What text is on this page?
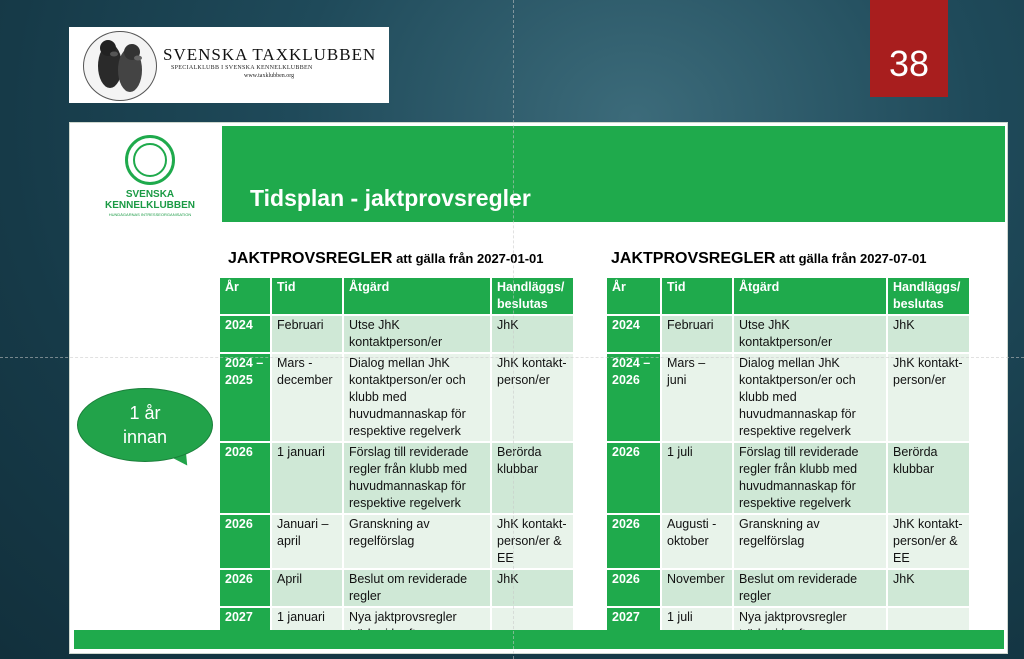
SVENSKA TAXKLUBBEN
SPECIALKLUBB I SVENSKA KENNELKLUBBEN
www.taxklubben.org	38
Tidsplan - jaktprovsregler
SVENSKA
KENNELKLUBBEN
HUNDÄGARNAS INTRESSEORGANISATION
JAKTPROVSREGLER att gälla från 2027-01-01
År	Tid	Åtgärd	Handläggs/ beslutas
2024	Februari	Utse JhK kontaktperson/er	JhK
2024 – 2025	Mars - december	Dialog mellan JhK kontaktperson/er och klubb med huvudmannaskap för respektive regelverk	JhK kontakt-person/er
2026	1 januari	Förslag till reviderade regler från klubb med huvudmannaskap för respektive regelverk	Berörda klubbar
2026	Januari – april	Granskning av regelförslag	JhK kontakt-person/er & EE
2026	April	Beslut om reviderade regler	JhK
2027	1 januari	Nya jaktprovsregler	
JAKTPROVSREGLER att gälla från 2027-07-01
År	Tid	Åtgärd	Handläggs/ beslutas
2024	Februari	Utse JhK kontaktperson/er	JhK
2024 – 2026	Mars – juni	Dialog mellan JhK kontaktperson/er och klubb med huvudmannaskap för respektive regelverk	JhK kontakt-person/er
2026	1 juli	Förslag till reviderade regler från klubb med huvudmannaskap för respektive regelverk	Berörda klubbar
2026	Augusti - oktober	Granskning av regelförslag	JhK kontakt-person/er & EE
2026	November	Beslut om reviderade regler	JhK
2027	1 juli	Nya jaktprovsregler	
1 år
innan
